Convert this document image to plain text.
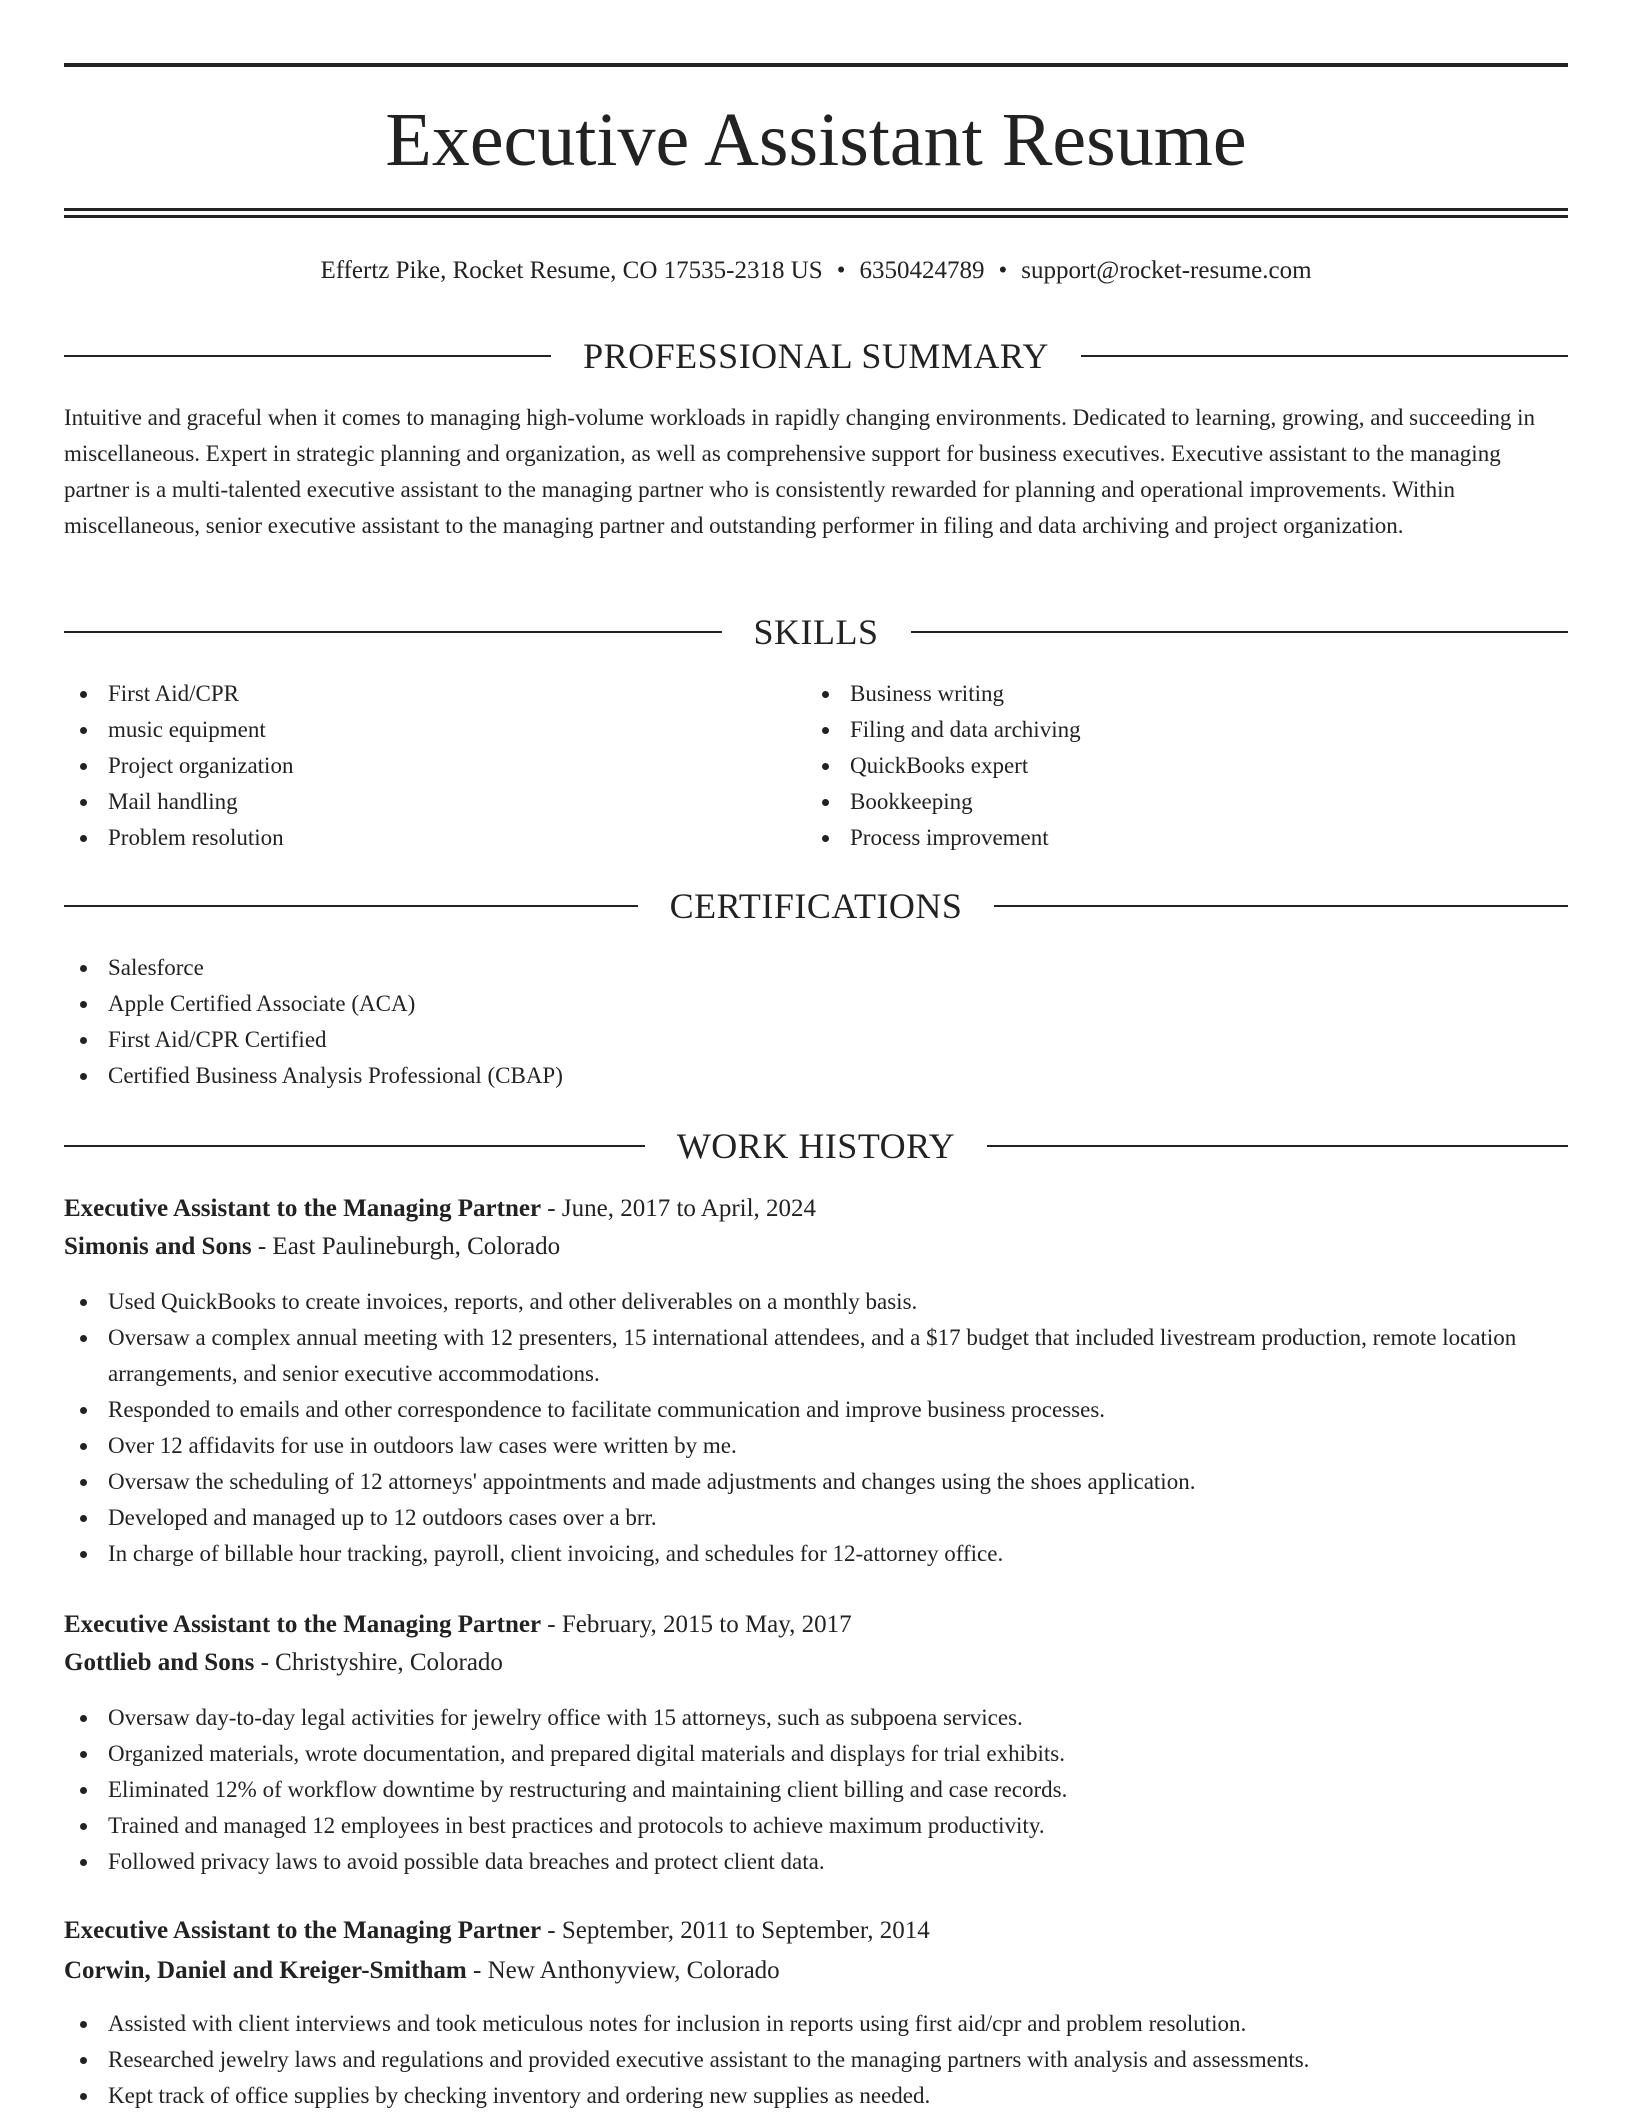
Executive Assistant Resume
Effertz Pike, Rocket Resume, CO 17535-2318 US • 6350424789 • support@rocket-resume.com
PROFESSIONAL SUMMARY

Intuitive and graceful when it comes to managing high-volume workloads in rapidly changing environments. Dedicated to learning, growing, and succeeding in miscellaneous. Expert in strategic planning and organization, as well as comprehensive support for business executives. Executive assistant to the managing partner is a multi-talented executive assistant to the managing partner who is consistently rewarded for planning and operational improvements. Within miscellaneous, senior executive assistant to the managing partner and outstanding performer in filing and data archiving and project organization.

SKILLS
First Aid/CPR
music equipment
Project organization
Mail handling
Problem resolution
Business writing
Filing and data archiving
QuickBooks expert
Bookkeeping
Process improvement
CERTIFICATIONS
Salesforce
Apple Certified Associate (ACA)
First Aid/CPR Certified
Certified Business Analysis Professional (CBAP)
WORK HISTORY
Executive Assistant to the Managing Partner - June, 2017 to April, 2024
Simonis and Sons - East Paulineburgh, Colorado
Used QuickBooks to create invoices, reports, and other deliverables on a monthly basis.
Oversaw a complex annual meeting with 12 presenters, 15 international attendees, and a $17 budget that included livestream production, remote location arrangements, and senior executive accommodations.
Responded to emails and other correspondence to facilitate communication and improve business processes.
Over 12 affidavits for use in outdoors law cases were written by me.
Oversaw the scheduling of 12 attorneys' appointments and made adjustments and changes using the shoes application.
Developed and managed up to 12 outdoors cases over a brr.
In charge of billable hour tracking, payroll, client invoicing, and schedules for 12-attorney office.
Executive Assistant to the Managing Partner - February, 2015 to May, 2017
Gottlieb and Sons - Christyshire, Colorado
Oversaw day-to-day legal activities for jewelry office with 15 attorneys, such as subpoena services.
Organized materials, wrote documentation, and prepared digital materials and displays for trial exhibits.
Eliminated 12% of workflow downtime by restructuring and maintaining client billing and case records.
Trained and managed 12 employees in best practices and protocols to achieve maximum productivity.
Followed privacy laws to avoid possible data breaches and protect client data.
Executive Assistant to the Managing Partner - September, 2011 to September, 2014
Corwin, Daniel and Kreiger-Smitham - New Anthonyview, Colorado
Assisted with client interviews and took meticulous notes for inclusion in reports using first aid/cpr and problem resolution.
Researched jewelry laws and regulations and provided executive assistant to the managing partners with analysis and assessments.
Kept track of office supplies by checking inventory and ordering new supplies as needed.
